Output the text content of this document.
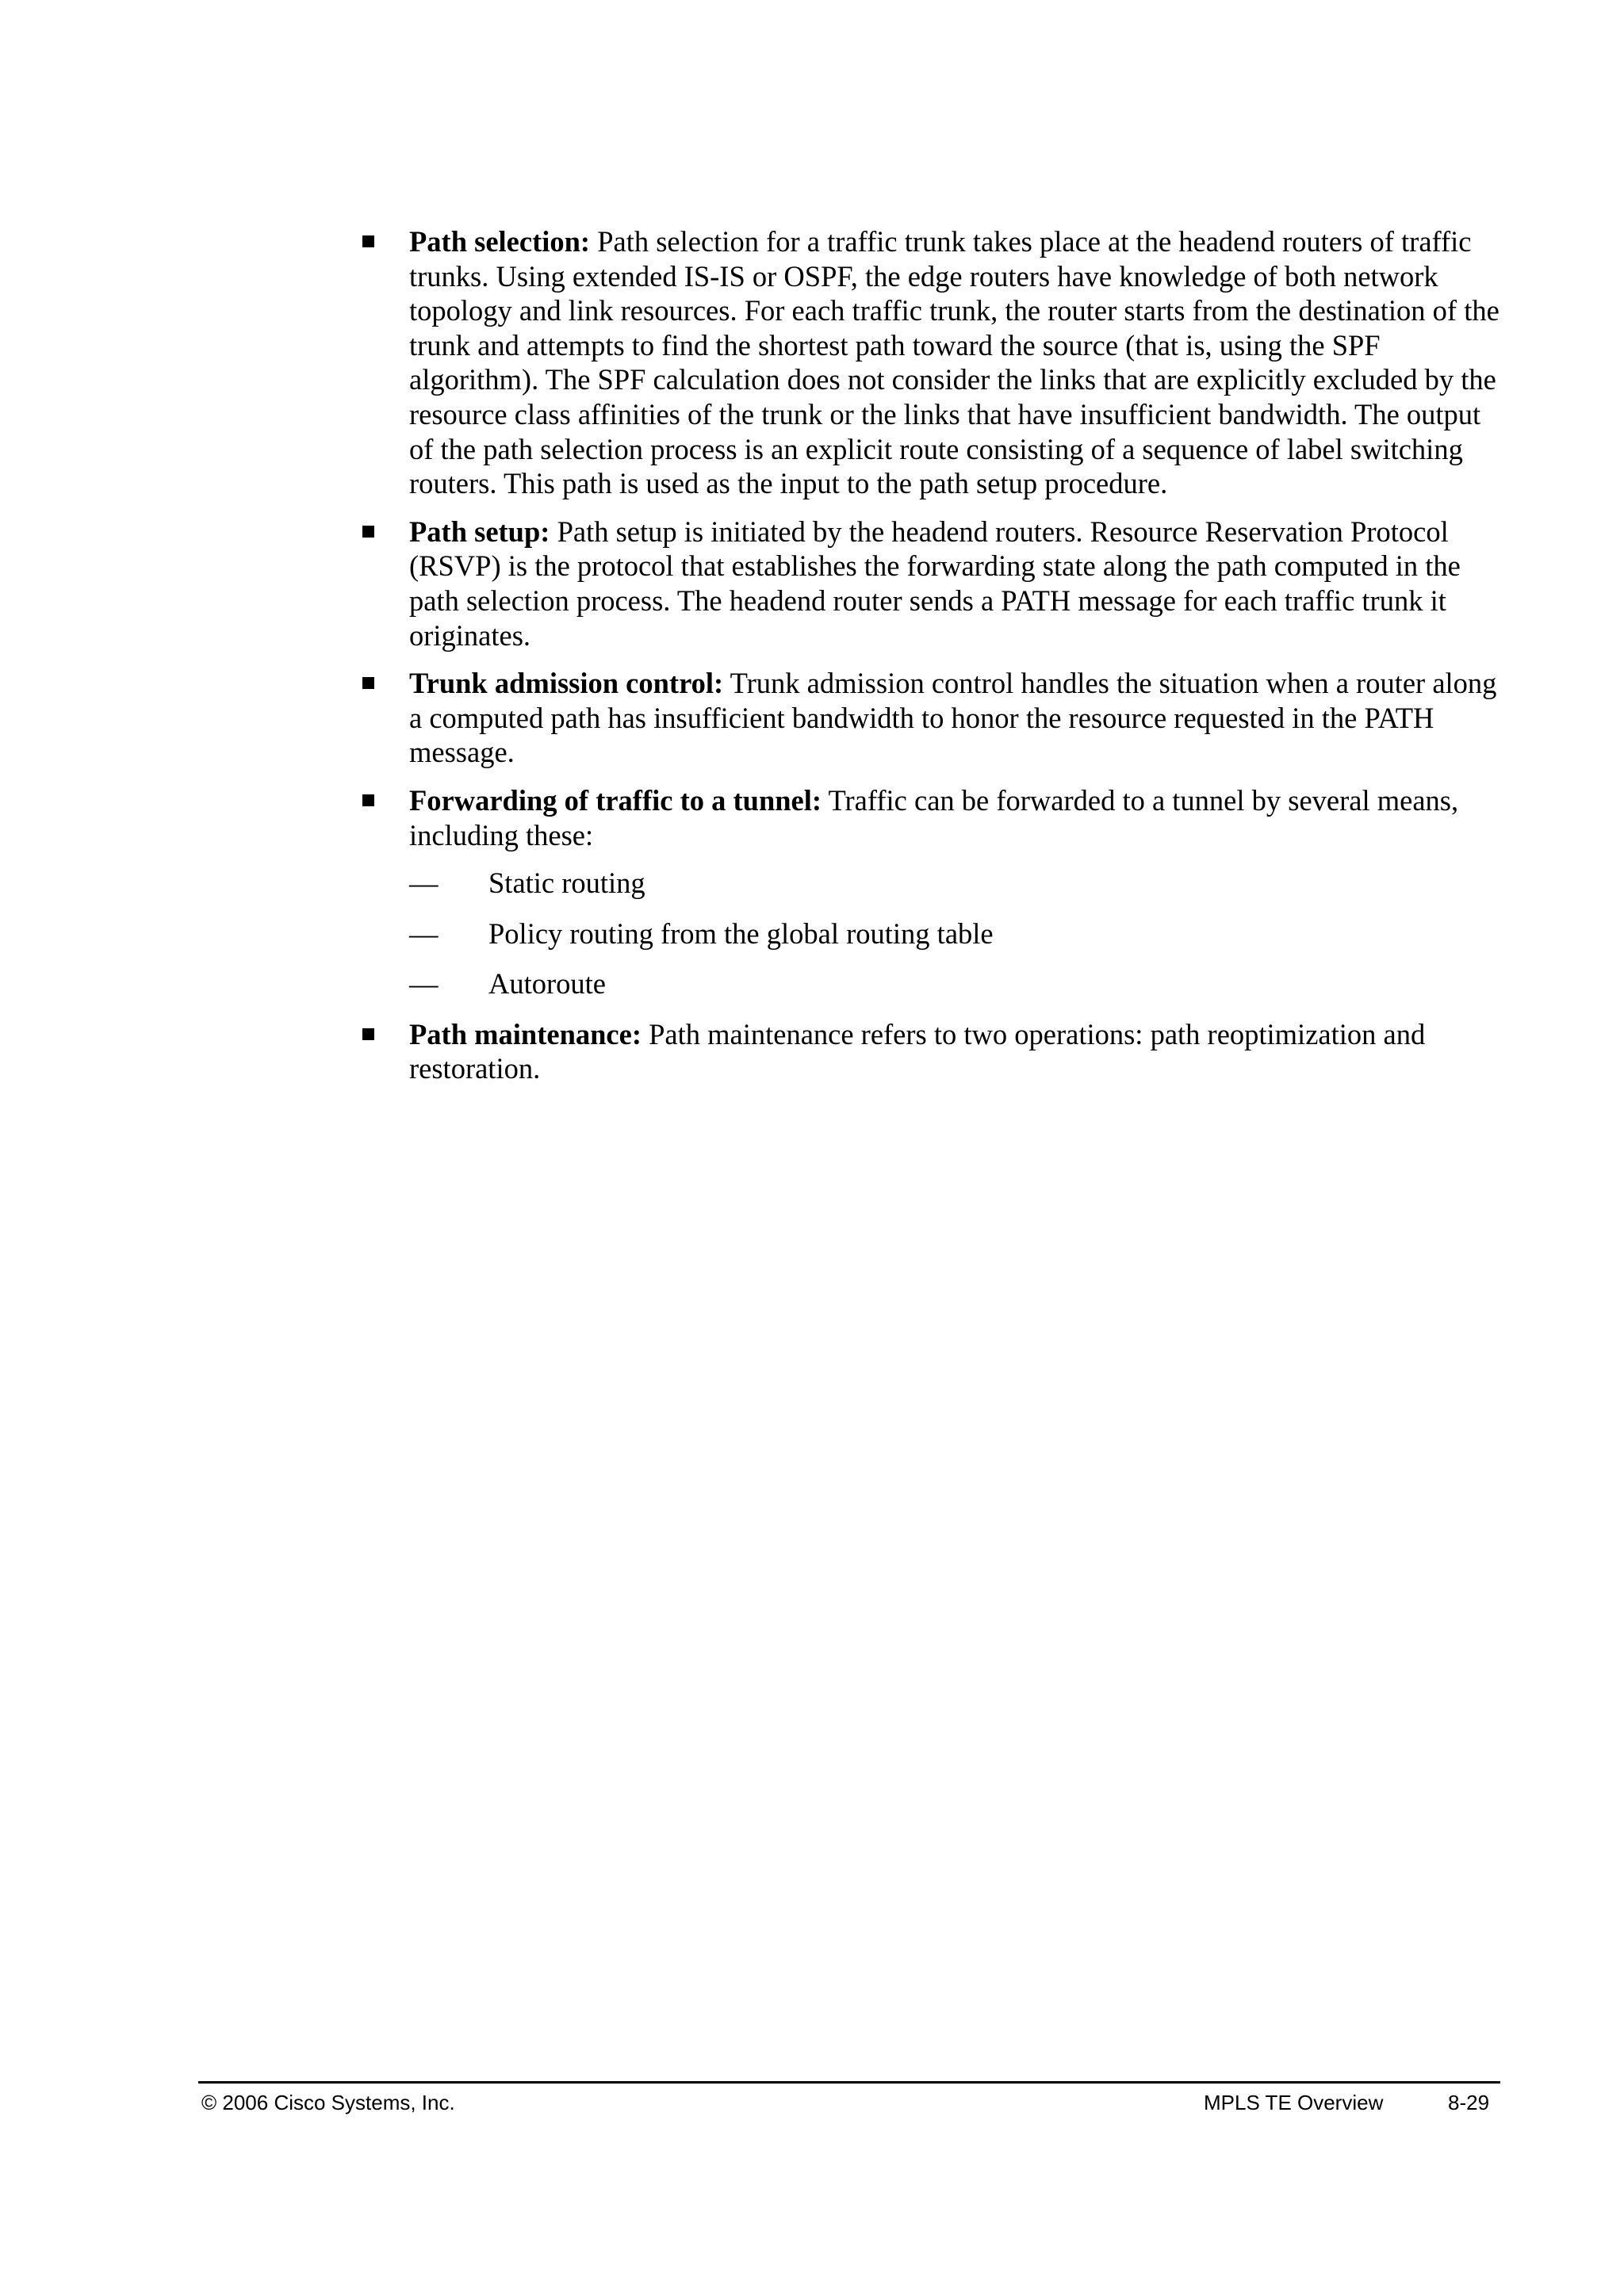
Path selection: Path selection for a traffic trunk takes place at the headend routers of traffic trunks. Using extended IS-IS or OSPF, the edge routers have knowledge of both network topology and link resources. For each traffic trunk, the router starts from the destination of the trunk and attempts to find the shortest path toward the source (that is, using the SPF algorithm). The SPF calculation does not consider the links that are explicitly excluded by the resource class affinities of the trunk or the links that have insufficient bandwidth. The output of the path selection process is an explicit route consisting of a sequence of label switching routers. This path is used as the input to the path setup procedure.
Path setup: Path setup is initiated by the headend routers. Resource Reservation Protocol (RSVP) is the protocol that establishes the forwarding state along the path computed in the path selection process. The headend router sends a PATH message for each traffic trunk it originates.
Trunk admission control: Trunk admission control handles the situation when a router along a computed path has insufficient bandwidth to honor the resource requested in the PATH message.
Forwarding of traffic to a tunnel: Traffic can be forwarded to a tunnel by several means, including these:
— Static routing
— Policy routing from the global routing table
— Autoroute
Path maintenance: Path maintenance refers to two operations: path reoptimization and restoration.
© 2006 Cisco Systems, Inc.	MPLS TE Overview	8-29
